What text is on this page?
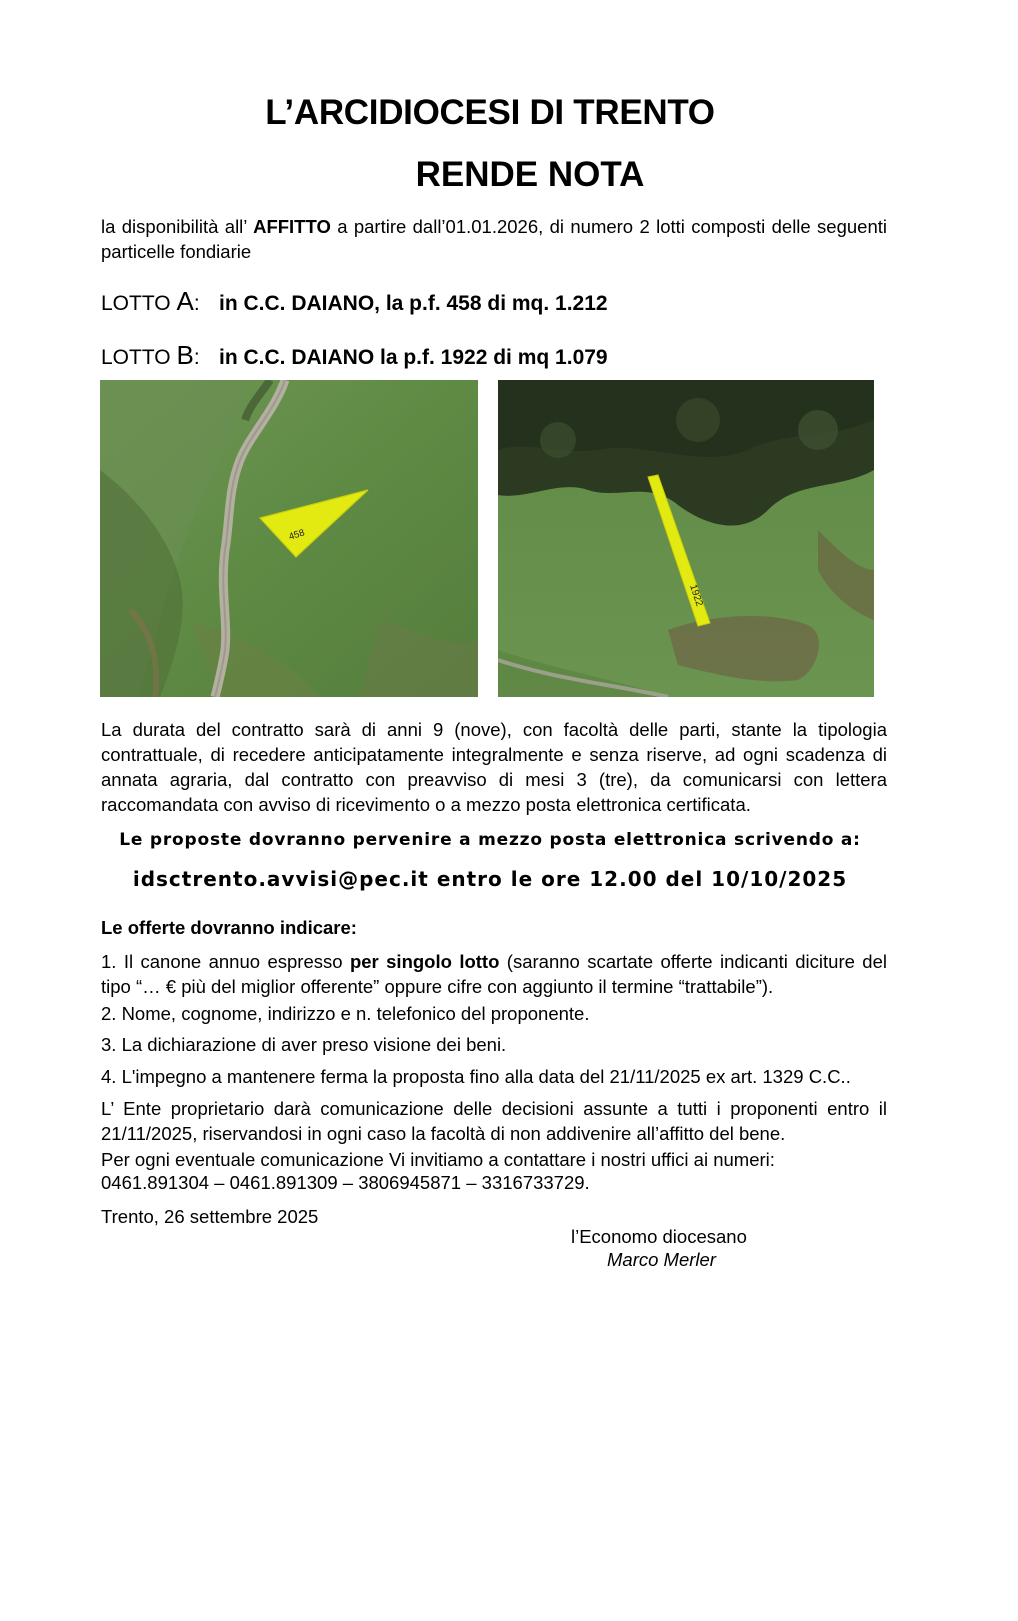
L’ARCIDIOCESI DI TRENTO
RENDE NOTA
la disponibilità all’ AFFITTO a partire dall’01.01.2026, di numero 2 lotti composti delle seguenti particelle fondiarie
LOTTO A: in C.C. DAIANO, la p.f. 458 di mq. 1.212
LOTTO B: in C.C. DAIANO la p.f. 1922 di mq 1.079
458
1922
La durata del contratto sarà di anni 9 (nove), con facoltà delle parti, stante la tipologia contrattuale, di recedere anticipatamente integralmente e senza riserve, ad ogni scadenza di annata agraria, dal contratto con preavviso di mesi 3 (tre), da comunicarsi con lettera raccomandata con avviso di ricevimento o a mezzo posta elettronica certificata.
Le proposte dovranno pervenire a mezzo posta elettronica scrivendo a:
idsctrento.avvisi@pec.it entro le ore 12.00 del 10/10/2025
Le offerte dovranno indicare:
1. Il canone annuo espresso per singolo lotto (saranno scartate offerte indicanti diciture del tipo “… € più del miglior offerente” oppure cifre con aggiunto il termine “trattabile”).
2. Nome, cognome, indirizzo e n. telefonico del proponente.
3. La dichiarazione di aver preso visione dei beni.
4. L'impegno a mantenere ferma la proposta fino alla data del 21/11/2025 ex art. 1329 C.C..
L’ Ente proprietario darà comunicazione delle decisioni assunte a tutti i proponenti entro il 21/11/2025, riservandosi in ogni caso la facoltà di non addivenire all’affitto del bene.
Per ogni eventuale comunicazione Vi invitiamo a contattare i nostri uffici ai numeri:
0461.891304 – 0461.891309 – 3806945871 – 3316733729.
Trento, 26 settembre 2025
l’Economo diocesano
Marco Merler
